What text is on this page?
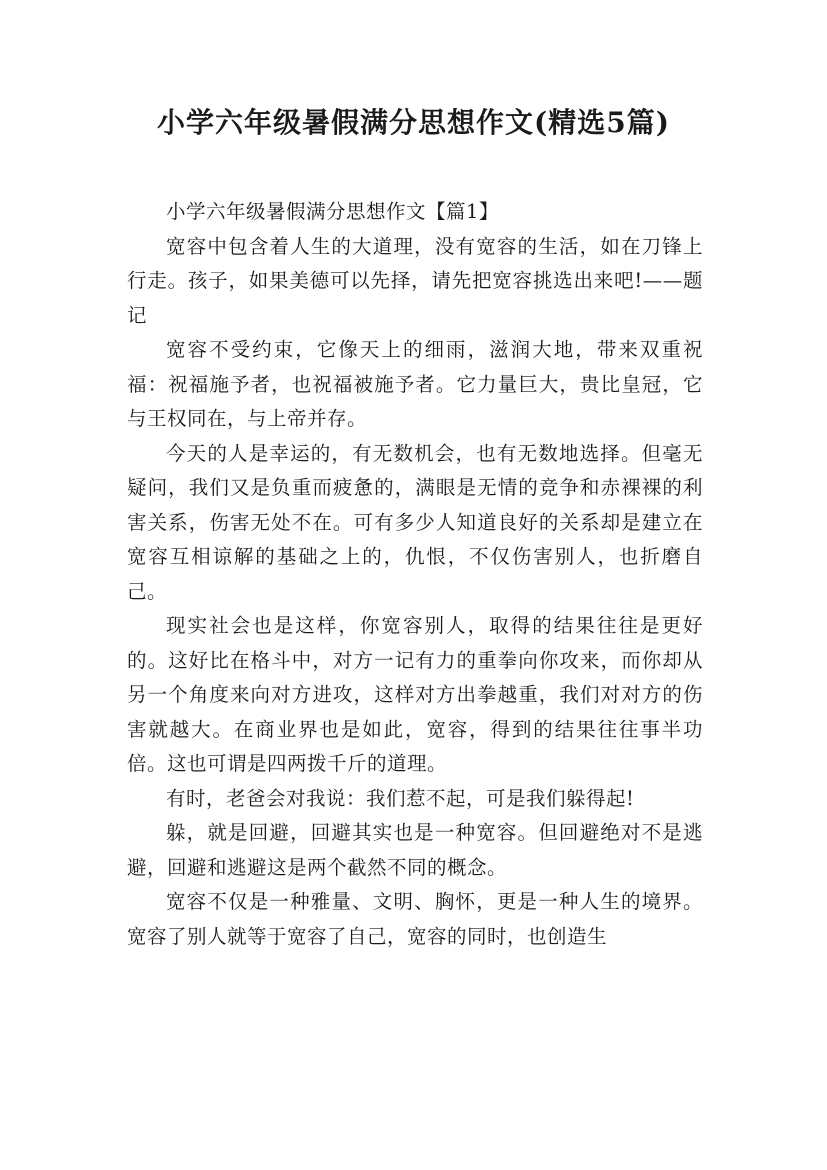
小学六年级暑假满分思想作文(精选5篇)

小学六年级暑假满分思想作文【篇1】

宽容中包含着人生的大道理，没有宽容的生活，如在刀锋上行走。孩子，如果美德可以先择，请先把宽容挑选出来吧!——题记

宽容不受约束，它像天上的细雨，滋润大地，带来双重祝福：祝福施予者，也祝福被施予者。它力量巨大，贵比皇冠，它与王权同在，与上帝并存。

今天的人是幸运的，有无数机会，也有无数地选择。但毫无疑问，我们又是负重而疲惫的，满眼是无情的竞争和赤裸裸的利害关系，伤害无处不在。可有多少人知道良好的关系却是建立在宽容互相谅解的基础之上的，仇恨，不仅伤害别人，也折磨自己。

现实社会也是这样，你宽容别人，取得的结果往往是更好的。这好比在格斗中，对方一记有力的重拳向你攻来，而你却从另一个角度来向对方进攻，这样对方出拳越重，我们对对方的伤害就越大。在商业界也是如此，宽容，得到的结果往往事半功倍。这也可谓是四两拨千斤的道理。

有时，老爸会对我说：我们惹不起，可是我们躲得起!

躲，就是回避，回避其实也是一种宽容。但回避绝对不是逃避，回避和逃避这是两个截然不同的概念。

宽容不仅是一种雅量、文明、胸怀，更是一种人生的境界。宽容了别人就等于宽容了自己，宽容的同时，也创造生
